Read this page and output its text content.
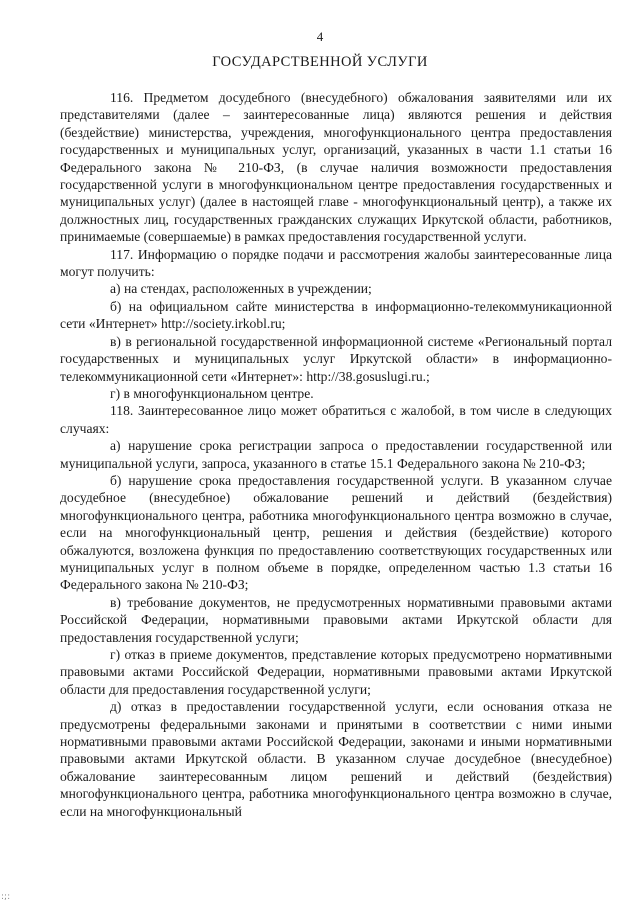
4
ГОСУДАРСТВЕННОЙ УСЛУГИ

116. Предметом досудебного (внесудебного) обжалования заявителями или их представителями (далее – заинтересованные лица) являются решения и действия (бездействие) министерства, учреждения, многофункционального центра предоставления государственных и муниципальных услуг, организаций, указанных в части 1.1 статьи 16 Федерального закона № 210-ФЗ, (в случае наличия возможности предоставления государственной услуги в многофункциональном центре предоставления государственных и муниципальных услуг) (далее в настоящей главе - многофункциональный центр), а также их должностных лиц, государственных гражданских служащих Иркутской области, работников, принимаемые (совершаемые) в рамках предоставления государственной услуги.

117. Информацию о порядке подачи и рассмотрения жалобы заинтересованные лица могут получить:

а) на стендах, расположенных в учреждении;

б) на официальном сайте министерства в информационно-телекоммуникационной сети «Интернет» http://society.irkobl.ru;

в) в региональной государственной информационной системе «Региональный портал государственных и муниципальных услуг Иркутской области» в информационно-телекоммуникационной сети «Интернет»: http://38.gosuslugi.ru.;

г) в многофункциональном центре.

118. Заинтересованное лицо может обратиться с жалобой, в том числе в следующих случаях:

а) нарушение срока регистрации запроса о предоставлении государственной или муниципальной услуги, запроса, указанного в статье 15.1 Федерального закона № 210-ФЗ;

б) нарушение срока предоставления государственной услуги. В указанном случае досудебное (внесудебное) обжалование решений и действий (бездействия) многофункционального центра, работника многофункционального центра возможно в случае, если на многофункциональный центр, решения и действия (бездействие) которого обжалуются, возложена функция по предоставлению соответствующих государственных или муниципальных услуг в полном объеме в порядке, определенном частью 1.3 статьи 16 Федерального закона № 210-ФЗ;

в) требование документов, не предусмотренных нормативными правовыми актами Российской Федерации, нормативными правовыми актами Иркутской области для предоставления государственной услуги;

г) отказ в приеме документов, представление которых предусмотрено нормативными правовыми актами Российской Федерации, нормативными правовыми актами Иркутской области для предоставления государственной услуги;

д) отказ в предоставлении государственной услуги, если основания отказа не предусмотрены федеральными законами и принятыми в соответствии с ними иными нормативными правовыми актами Российской Федерации, законами и иными нормативными правовыми актами Иркутской области. В указанном случае досудебное (внесудебное) обжалование заинтересованным лицом решений и действий (бездействия) многофункционального центра, работника многофункционального центра возможно в случае, если на многофункциональный

:;:
